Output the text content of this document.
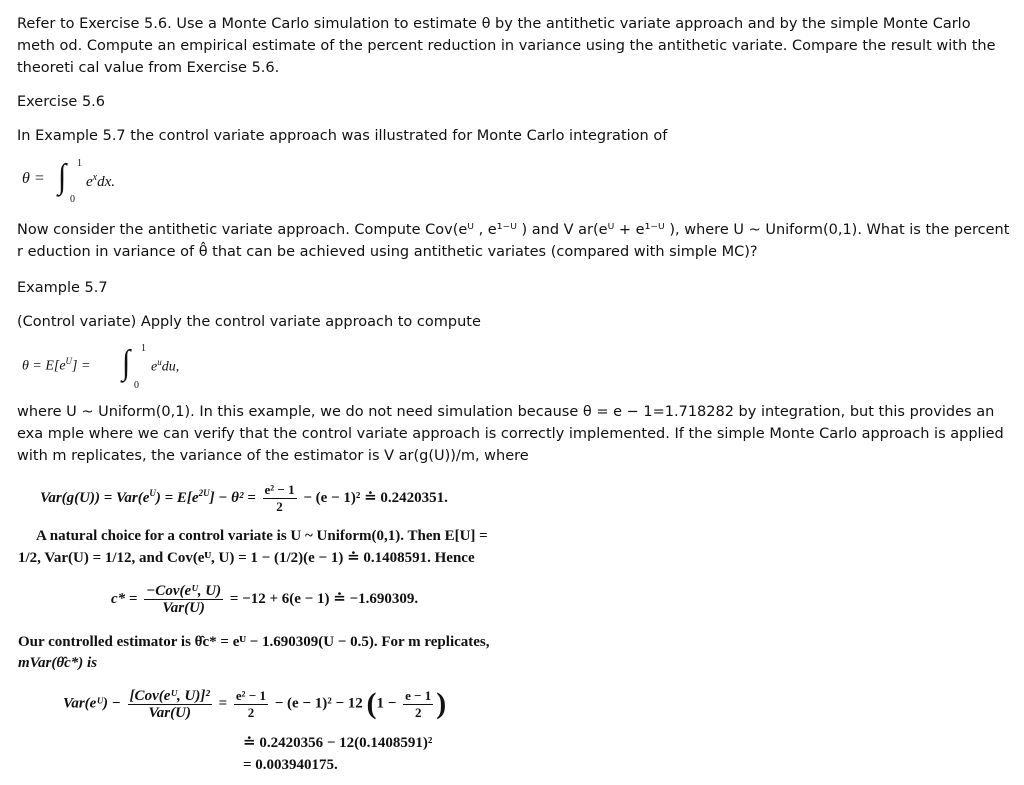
Refer to Exercise 5.6. Use a Monte Carlo simulation to estimate θ by the antithetic variate approach and by the simple Monte Carlo meth od. Compute an empirical estimate of the percent reduction in variance using the antithetic variate. Compare the result with the theoreti cal value from Exercise 5.6.

Exercise 5.6

In Example 5.7 the control variate approach was illustrated for Monte Carlo integration of

θ = ∫ 1
0
$e^xdx$.

Now consider the antithetic variate approach. Compute Cov(eᵁ , e¹⁻ᵁ ) and V ar(eᵁ + e¹⁻ᵁ ), where U ~ Uniform(0,1). What is the percent r eduction in variance of θ̂ that can be achieved using antithetic variates (compared with simple MC)?

Example 5.7

(Control variate) Apply the control variate approach to compute

$\theta = E[e^U]$ = ∫ 1
0
$e^udu$,

where U ~ Uniform(0,1). In this example, we do not need simulation because θ = e − 1=1.718282 by integration, but this provides an exa mple where we can verify that the control variate approach is correctly implemented. If the simple Monte Carlo approach is applied with m replicates, the variance of the estimator is V ar(g(U))/m, where

$Var(g(U)) = Var(e^U) = E[e^{2U}] - \theta^2 = \frac{\text{e² − 1}}{2} - (e - 1)^2$ ≐ 0.2420351.

A natural choice for a control variate is U ~ Uniform(0,1). Then E[U] =

1/2, Var(U) = 1/12, and Cov(eᵁ, U) = 1 − (1/2)(e − 1) ≐ 0.1408591. Hence

$c* = \frac{\text{−Cov(eᵁ, U)}}{\text{Var(U)}} = -12 + 6(e - 1)$ ≐ −1.690309.

Our controlled estimator is θ̂c* = eᵁ − 1.690309(U − 0.5). For m replicates,

mVar(θ̂c*) is

Var(eᵁ) − $\frac{\text{[Cov(eᵁ, U)]²}}{\text{Var(U)}} = \frac{\text{e² − 1}}{2} - (e - 1)^2 - 12$ ($1 - \frac{e - 1}{2}$ )

≐ 0.2420356 − 12(0.1408591)²

= 0.003940175.
